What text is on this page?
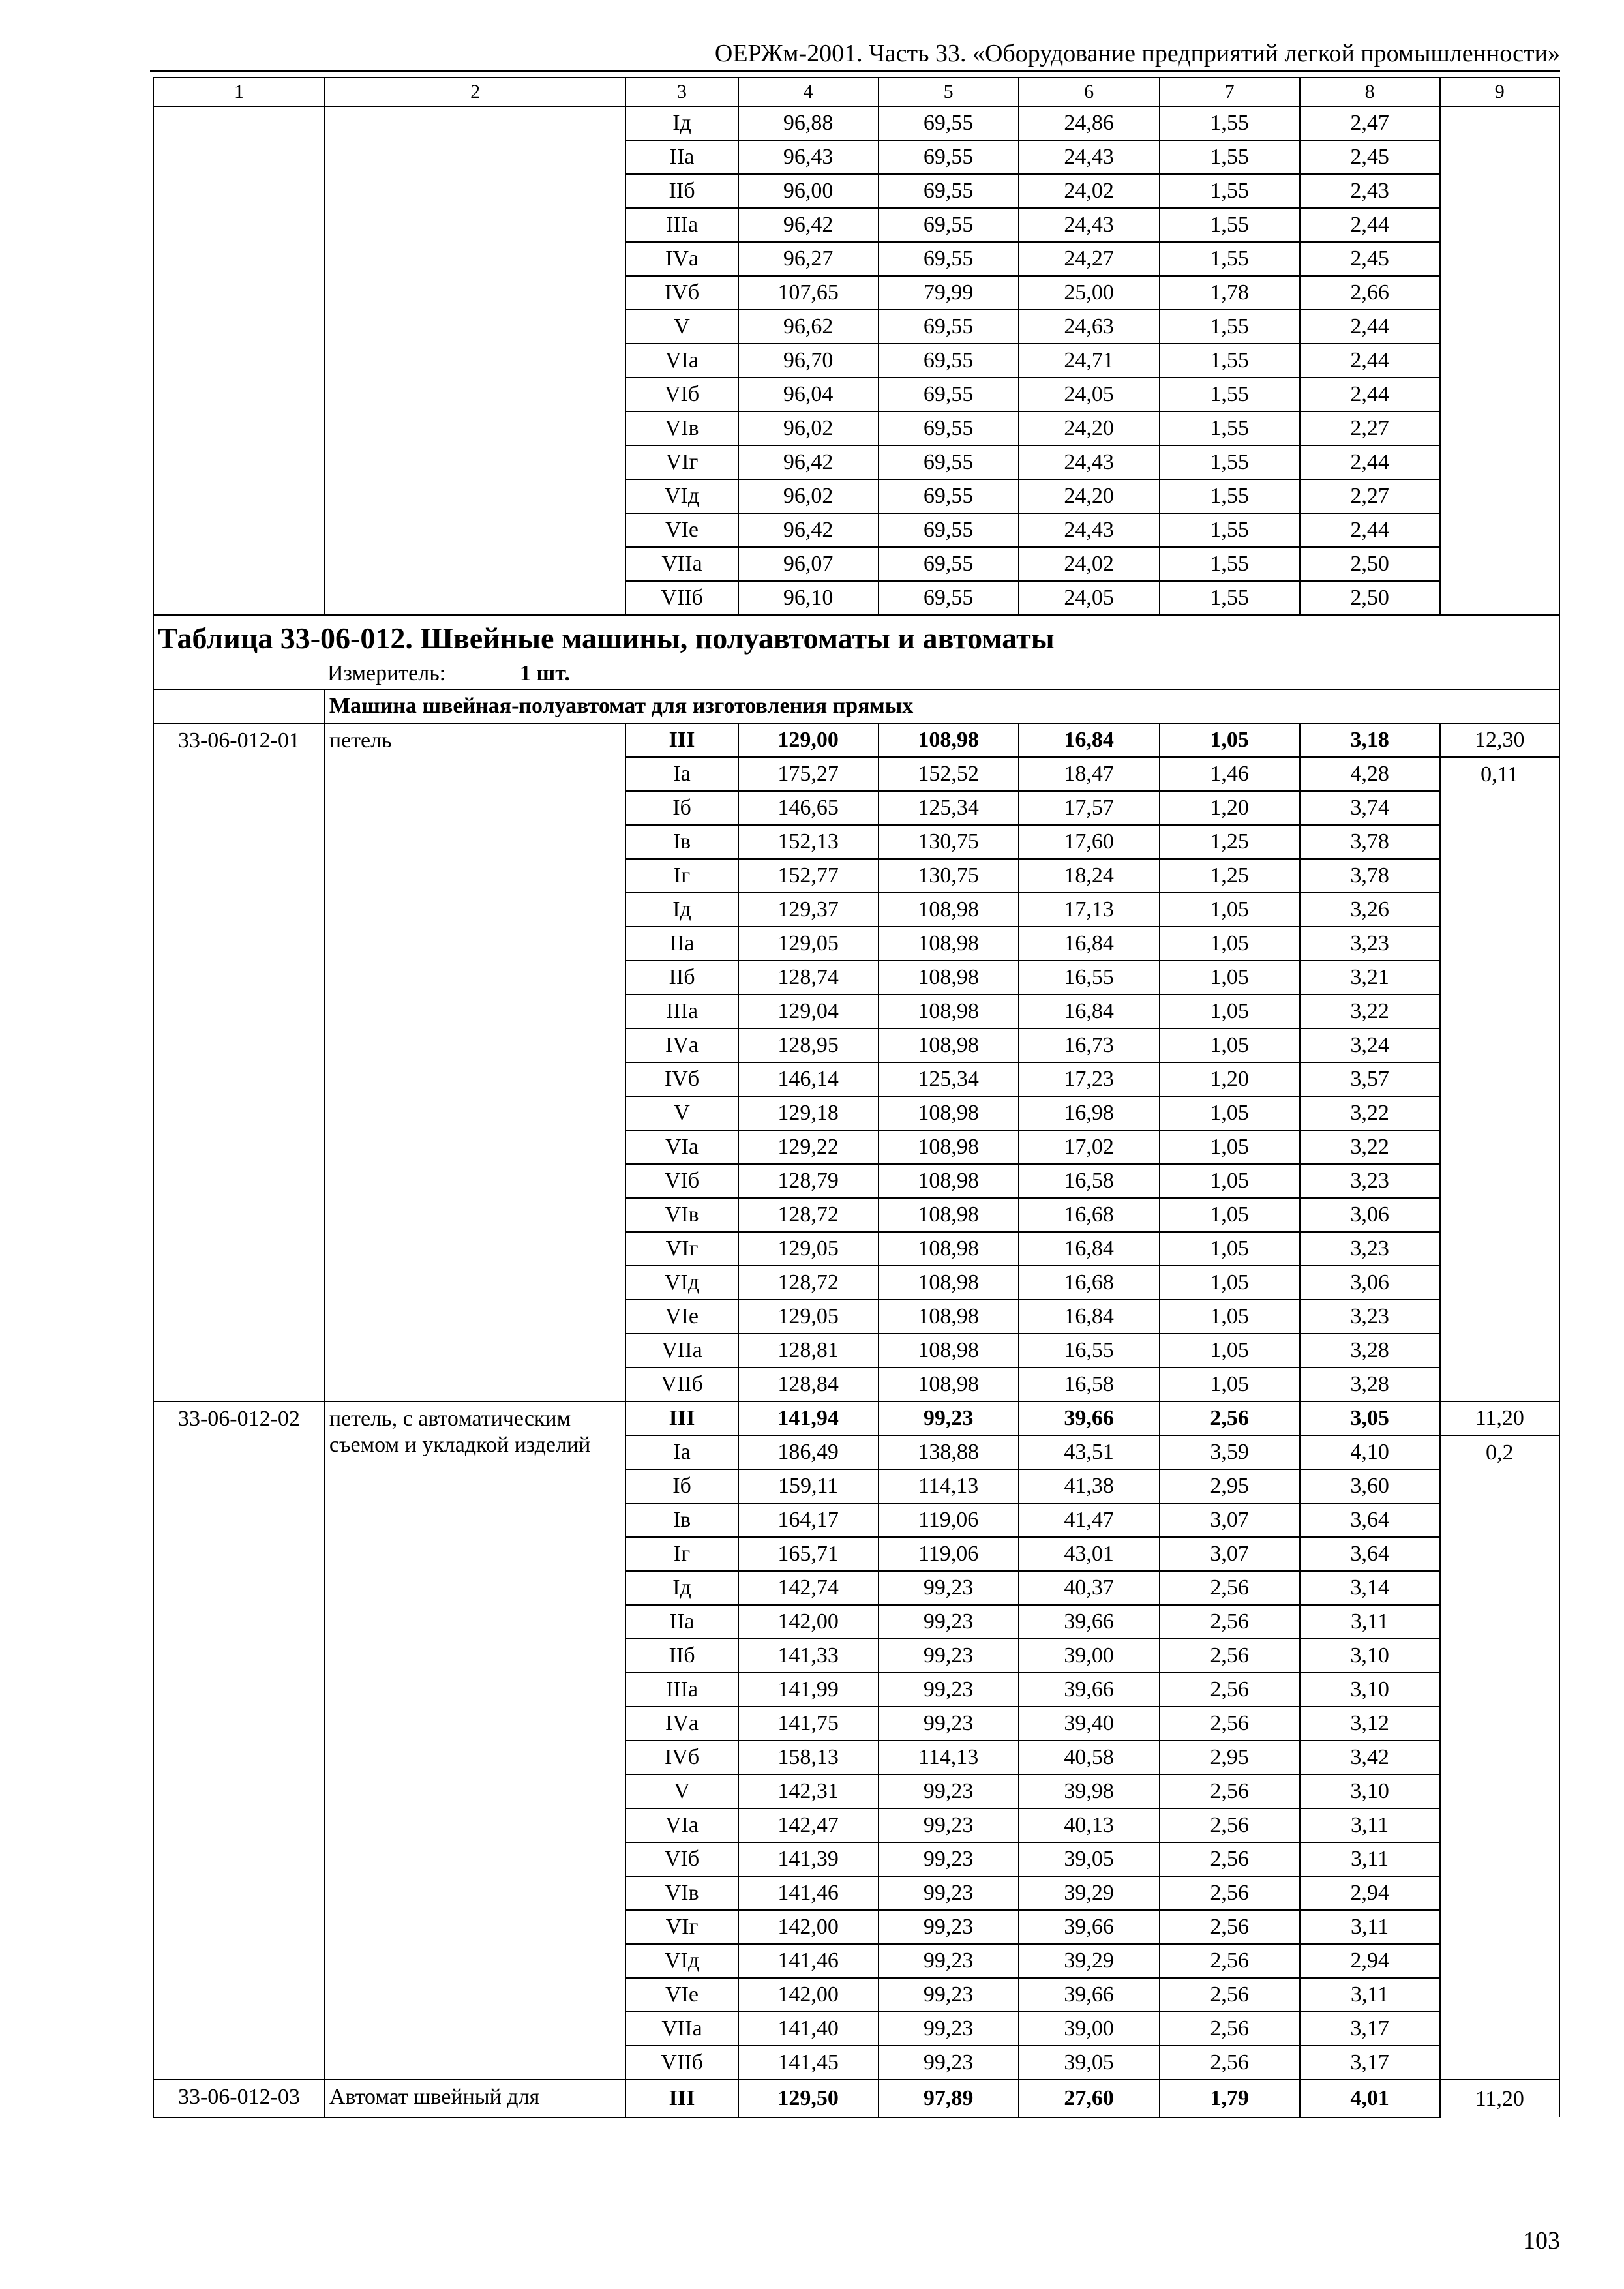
ОЕРЖм-2001. Часть 33. «Оборудование предприятий легкой промышленности»
1	2	3	4	5	6	7	8	9
		Iд	96,88	69,55	24,86	1,55	2,47	
		IIа	96,43	69,55	24,43	1,55	2,45	
		IIб	96,00	69,55	24,02	1,55	2,43	
		IIIа	96,42	69,55	24,43	1,55	2,44	
		IVа	96,27	69,55	24,27	1,55	2,45	
		IVб	107,65	79,99	25,00	1,78	2,66	
		V	96,62	69,55	24,63	1,55	2,44	
		VIа	96,70	69,55	24,71	1,55	2,44	
		VIб	96,04	69,55	24,05	1,55	2,44	
		VIв	96,02	69,55	24,20	1,55	2,27	
		VIг	96,42	69,55	24,43	1,55	2,44	
		VIд	96,02	69,55	24,20	1,55	2,27	
		VIе	96,42	69,55	24,43	1,55	2,44	
		VIIа	96,07	69,55	24,02	1,55	2,50	
		VIIб	96,10	69,55	24,05	1,55	2,50	

Таблица 33-06-012. Швейные машины, полуавтоматы и автоматы
Измеритель: 1 шт.								

	Машина швейная-полуавтомат для изготовления прямых							
33-06-012-01	петель	III	129,00	108,98	16,84	1,05	3,18	12,30
		Iа	175,27	152,52	18,47	1,46	4,28	0,11
		Iб	146,65	125,34	17,57	1,20	3,74	
		Iв	152,13	130,75	17,60	1,25	3,78	
		Iг	152,77	130,75	18,24	1,25	3,78	
		Iд	129,37	108,98	17,13	1,05	3,26	
		IIа	129,05	108,98	16,84	1,05	3,23	
		IIб	128,74	108,98	16,55	1,05	3,21	
		IIIа	129,04	108,98	16,84	1,05	3,22	
		IVа	128,95	108,98	16,73	1,05	3,24	
		IVб	146,14	125,34	17,23	1,20	3,57	
		V	129,18	108,98	16,98	1,05	3,22	
		VIа	129,22	108,98	17,02	1,05	3,22	
		VIб	128,79	108,98	16,58	1,05	3,23	
		VIв	128,72	108,98	16,68	1,05	3,06	
		VIг	129,05	108,98	16,84	1,05	3,23	
		VIд	128,72	108,98	16,68	1,05	3,06	
		VIе	129,05	108,98	16,84	1,05	3,23	
		VIIа	128,81	108,98	16,55	1,05	3,28	
		VIIб	128,84	108,98	16,58	1,05	3,28	
33-06-012-02	петель, с автоматическим съемом и укладкой изделий	III	141,94	99,23	39,66	2,56	3,05	11,20
		Iа	186,49	138,88	43,51	3,59	4,10	0,2
		Iб	159,11	114,13	41,38	2,95	3,60	
		Iв	164,17	119,06	41,47	3,07	3,64	
		Iг	165,71	119,06	43,01	3,07	3,64	
		Iд	142,74	99,23	40,37	2,56	3,14	
		IIа	142,00	99,23	39,66	2,56	3,11	
		IIб	141,33	99,23	39,00	2,56	3,10	
		IIIа	141,99	99,23	39,66	2,56	3,10	
		IVа	141,75	99,23	39,40	2,56	3,12	
		IVб	158,13	114,13	40,58	2,95	3,42	
		V	142,31	99,23	39,98	2,56	3,10	
		VIа	142,47	99,23	40,13	2,56	3,11	
		VIб	141,39	99,23	39,05	2,56	3,11	
		VIв	141,46	99,23	39,29	2,56	2,94	
		VIг	142,00	99,23	39,66	2,56	3,11	
		VIд	141,46	99,23	39,29	2,56	2,94	
		VIе	142,00	99,23	39,66	2,56	3,11	
		VIIа	141,40	99,23	39,00	2,56	3,17	
		VIIб	141,45	99,23	39,05	2,56	3,17	
33-06-012-03	Автомат швейный для	III	129,50	97,89	27,60	1,79	4,01	11,20
103
